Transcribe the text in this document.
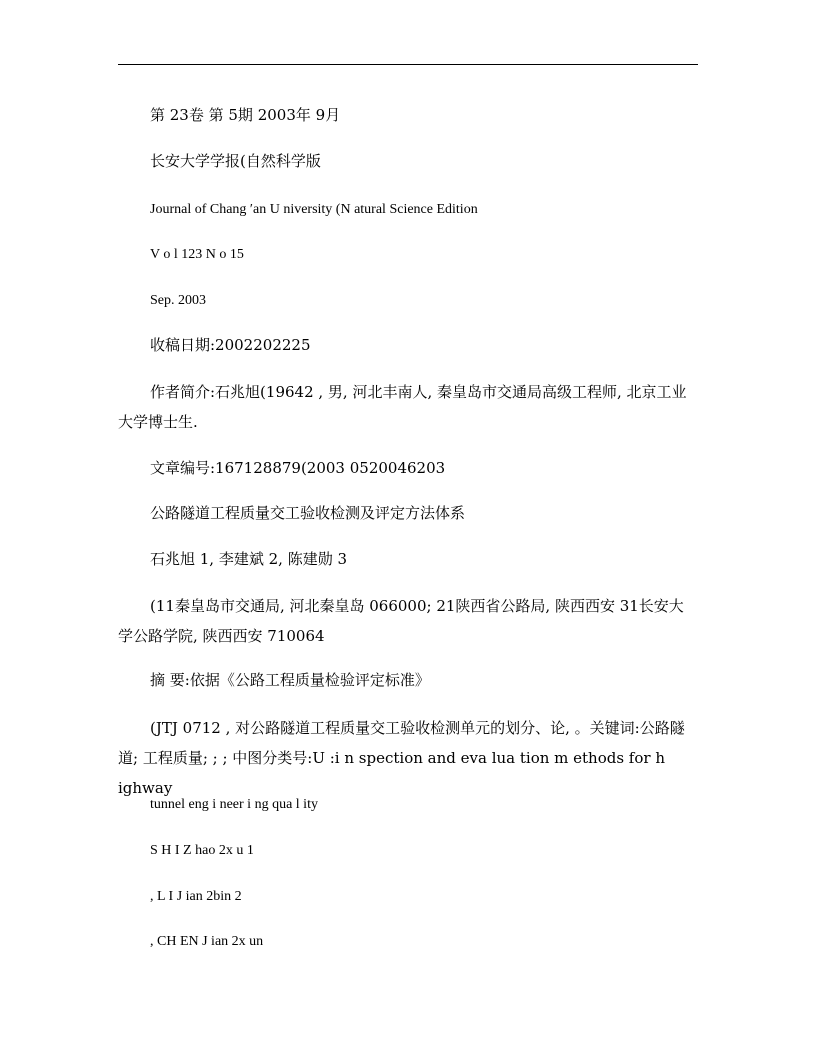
第 23卷 第 5期 2003年 9月

长安大学学报(自然科学版

Journal of Chang ′an U niversity (N atural Science Edition

V o l 123 N o 15

Sep. 2003

收稿日期:2002202225

作者简介:石兆旭(19642 , 男, 河北丰南人, 秦皇岛市交通局高级工程师, 北京工业大学博士生.

文章编号:167128879(2003 0520046203

公路隧道工程质量交工验收检测及评定方法体系

石兆旭 1, 李建斌 2, 陈建勋 3

(11秦皇岛市交通局, 河北秦皇岛 066000; 21陕西省公路局, 陕西西安 31长安大学公路学院, 陕西西安 710064

摘 要:依据《公路工程质量检验评定标准》

(JTJ 0712 , 对公路隧道工程质量交工验收检测单元的划分、论, 。关键词:公路隧道; 工程质量; ; ; 中图分类号:U :i n spection and eva lua tion m ethods for h ighway

tunnel eng i neer i ng qua l ity

S H I Z hao 2x u 1

, L I J ian 2bin 2

, CH EN J ian 2x un
